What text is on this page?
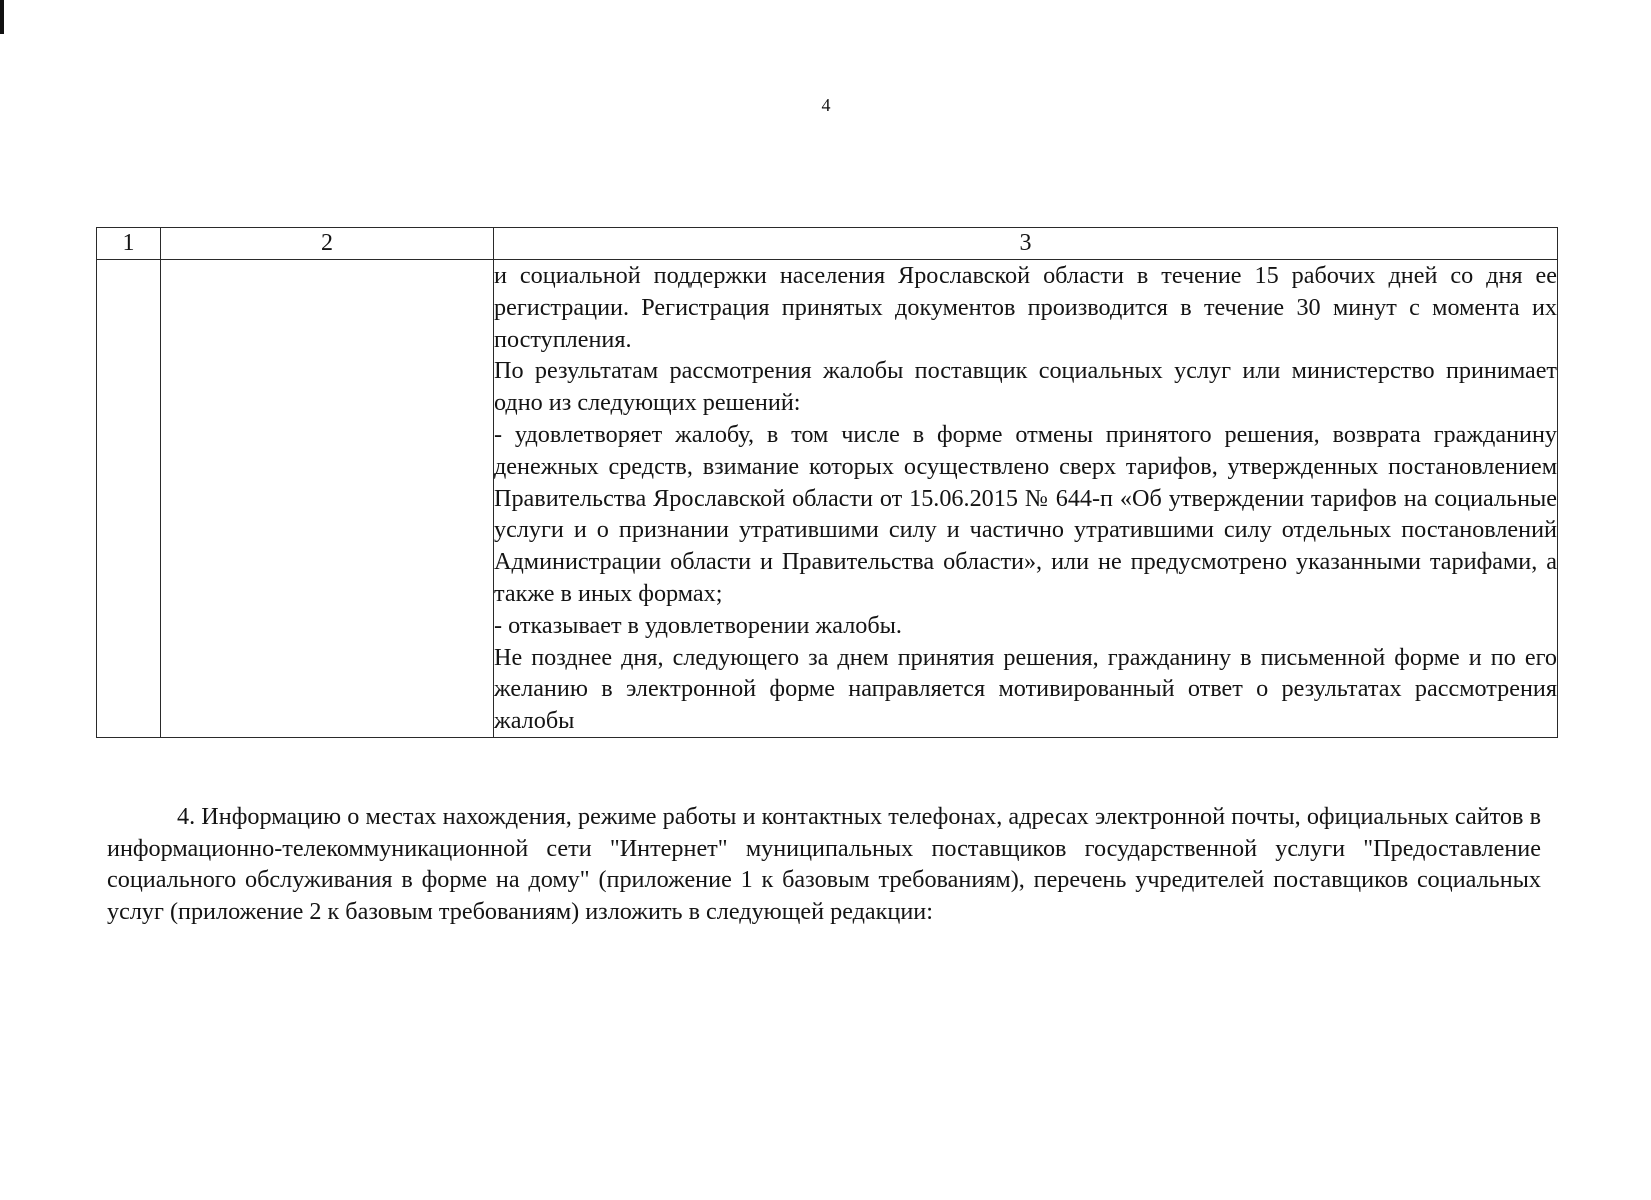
4
1	2	3

		и социальной поддержки населения Ярославской области в течение 15 рабочих дней со дня ее регистрации. Регистрация принятых документов производится в течение 30 минут с момента их поступления.

По результатам рассмотрения жалобы поставщик социальных услуг или министерство принимает одно из следующих решений:

- удовлетворяет жалобу, в том числе в форме отмены принятого решения, возврата гражданину денежных средств, взимание которых осуществлено сверх тарифов, утвержденных постановлением Правительства Ярославской области от 15.06.2015 № 644-п «Об утверждении тарифов на социальные услуги и о признании утратившими силу и частично утратившими силу отдельных постановлений Администрации области и Правительства области», или не предусмотрено указанными тарифами, а также в иных формах;

- отказывает в удовлетворении жалобы.

Не позднее дня, следующего за днем принятия решения, гражданину в письменной форме и по его желанию в электронной форме направляется мотивированный ответ о результатах рассмотрения жалобы

4. Информацию о местах нахождения, режиме работы и контактных телефонах, адресах электронной почты, официальных сайтов в информационно-телекоммуникационной сети "Интернет" муниципальных поставщиков государственной услуги "Предоставление социального обслуживания в форме на дому" (приложение 1 к базовым требованиям), перечень учредителей поставщиков социальных услуг (приложение 2 к базовым требованиям) изложить в следующей редакции:
